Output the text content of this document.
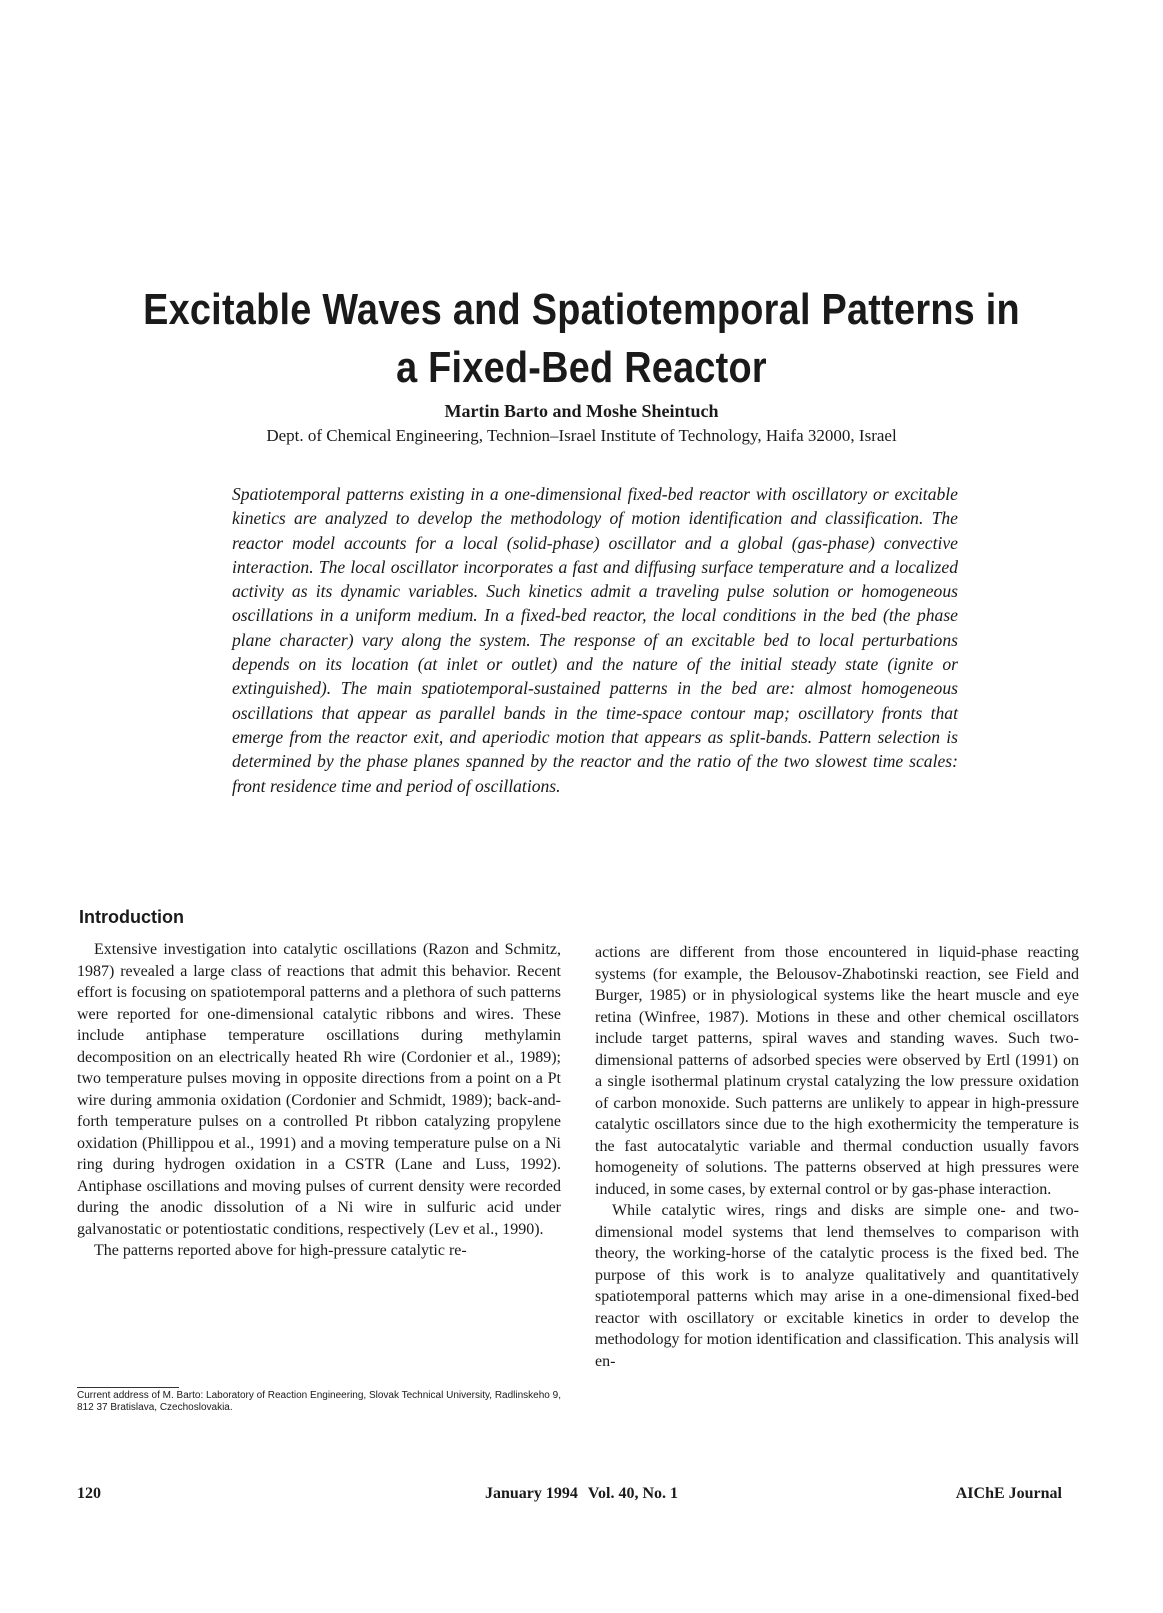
Excitable Waves and Spatiotemporal Patterns in a Fixed-Bed Reactor
Martin Barto and Moshe Sheintuch
Dept. of Chemical Engineering, Technion–Israel Institute of Technology, Haifa 32000, Israel

Spatiotemporal patterns existing in a one-dimensional fixed-bed reactor with oscillatory or excitable kinetics are analyzed to develop the methodology of motion identification and classification. The reactor model accounts for a local (solid-phase) oscillator and a global (gas-phase) convective interaction. The local oscillator incorporates a fast and diffusing surface temperature and a localized activity as its dynamic variables. Such kinetics admit a traveling pulse solution or homogeneous oscillations in a uniform medium. In a fixed-bed reactor, the local conditions in the bed (the phase plane character) vary along the system. The response of an excitable bed to local perturbations depends on its location (at inlet or outlet) and the nature of the initial steady state (ignite or extinguished). The main spatiotemporal-sustained patterns in the bed are: almost homogeneous oscillations that appear as parallel bands in the time-space contour map; oscillatory fronts that emerge from the reactor exit, and aperiodic motion that appears as split-bands. Pattern selection is determined by the phase planes spanned by the reactor and the ratio of the two slowest time scales: front residence time and period of oscillations.

Introduction

Extensive investigation into catalytic oscillations (Razon and Schmitz, 1987) revealed a large class of reactions that admit this behavior. Recent effort is focusing on spatiotemporal patterns and a plethora of such patterns were reported for one-dimensional catalytic ribbons and wires. These include antiphase temperature oscillations during methylamin decomposition on an electrically heated Rh wire (Cordonier et al., 1989); two temperature pulses moving in opposite directions from a point on a Pt wire during ammonia oxidation (Cordonier and Schmidt, 1989); back-and-forth temperature pulses on a controlled Pt ribbon catalyzing propylene oxidation (Phillippou et al., 1991) and a moving temperature pulse on a Ni ring during hydrogen oxidation in a CSTR (Lane and Luss, 1992). Antiphase oscillations and moving pulses of current density were recorded during the anodic dissolution of a Ni wire in sulfuric acid under galvanostatic or potentiostatic conditions, respectively (Lev et al., 1990).

The patterns reported above for high-pressure catalytic re-

actions are different from those encountered in liquid-phase reacting systems (for example, the Belousov-Zhabotinski reaction, see Field and Burger, 1985) or in physiological systems like the heart muscle and eye retina (Winfree, 1987). Motions in these and other chemical oscillators include target patterns, spiral waves and standing waves. Such two-dimensional patterns of adsorbed species were observed by Ertl (1991) on a single isothermal platinum crystal catalyzing the low pressure oxidation of carbon monoxide. Such patterns are unlikely to appear in high-pressure catalytic oscillators since due to the high exothermicity the temperature is the fast autocatalytic variable and thermal conduction usually favors homogeneity of solutions. The patterns observed at high pressures were induced, in some cases, by external control or by gas-phase interaction.

While catalytic wires, rings and disks are simple one- and two-dimensional model systems that lend themselves to comparison with theory, the working-horse of the catalytic process is the fixed bed. The purpose of this work is to analyze qualitatively and quantitatively spatiotemporal patterns which may arise in a one-dimensional fixed-bed reactor with oscillatory or excitable kinetics in order to develop the methodology for motion identification and classification. This analysis will en-

Current address of M. Barto: Laboratory of Reaction Engineering, Slovak Technical University, Radlinskeho 9, 812 37 Bratislava, Czechoslovakia.

120	January 1994 Vol. 40, No. 1	AIChE Journal
